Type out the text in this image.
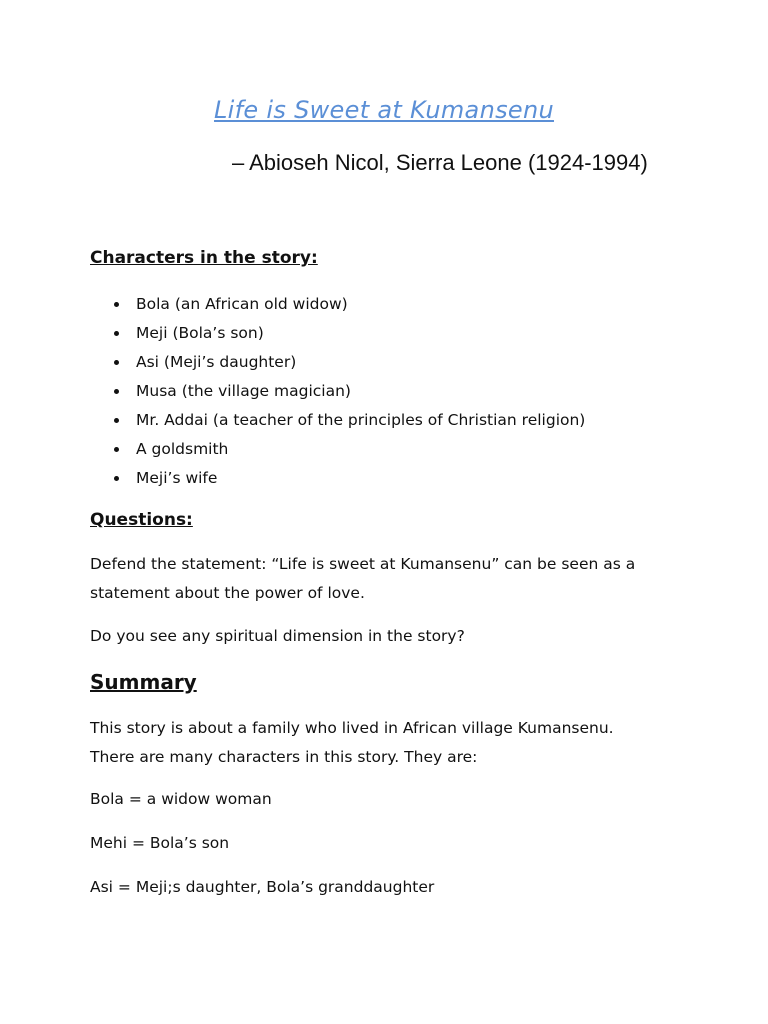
Life is Sweet at Kumansenu
– Abioseh Nicol, Sierra Leone (1924-1994)
Characters in the story:
Bola (an African old widow)
Meji (Bola’s son)
Asi (Meji’s daughter)
Musa (the village magician)
Mr. Addai (a teacher of the principles of Christian religion)
A goldsmith
Meji’s wife
Questions:
Defend the statement: “Life is sweet at Kumansenu” can be seen as a
statement about the power of love.
Do you see any spiritual dimension in the story?
Summary
This story is about a family who lived in African village Kumansenu.
There are many characters in this story. They are:
Bola = a widow woman
Mehi = Bola’s son
Asi = Meji;s daughter, Bola’s granddaughter
